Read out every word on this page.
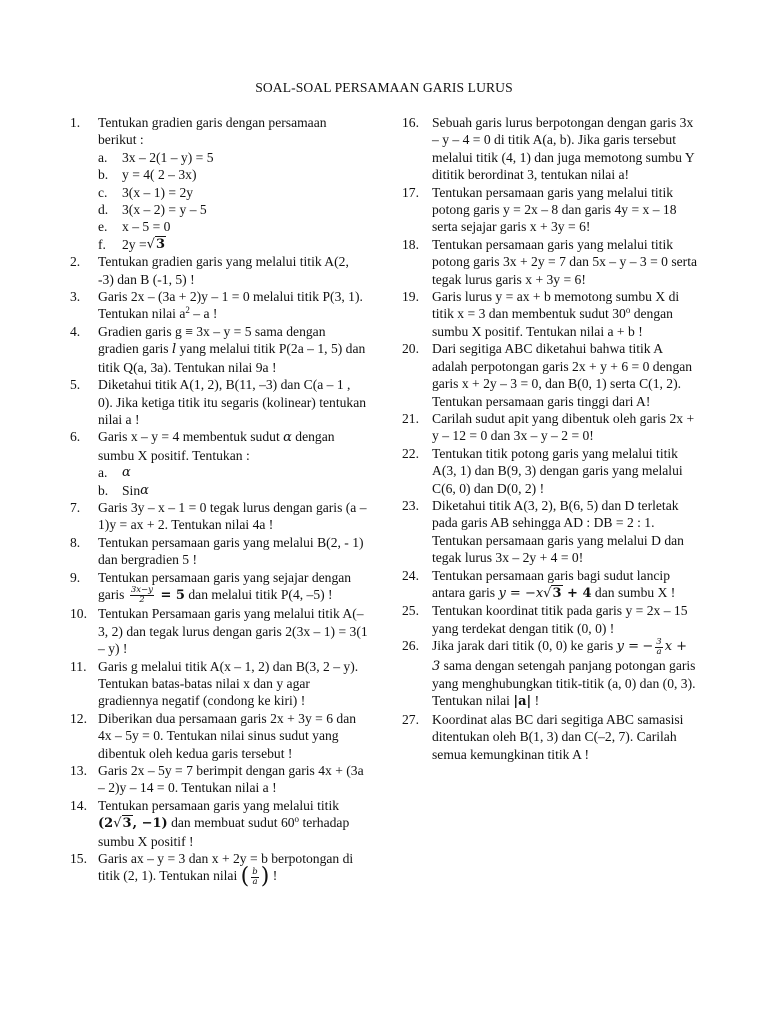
SOAL-SOAL PERSAMAAN GARIS LURUS
1.	Tentukan gradien garis dengan persamaan berikut :
a.	3x – 2(1 – y) = 5
b.	y = 4( 2 – 3x)
c.	3(x – 1) = 2y
d.	3(x – 2) = y – 5
e.	x – 5 = 0
f.	2y = √3
2.	Tentukan gradien garis yang melalui titik A(2, -3) dan B (-1, 5) !
3.	Garis 2x – (3a + 2)y – 1 = 0 melalui titik P(3, 1). Tentukan nilai $a^2$ – a !
4.	Gradien garis g ≡ 3x – y = 5 sama dengan gradien garis l yang melalui titik P(2a – 1, 5) dan titik Q(a, 3a). Tentukan nilai 9a !
5.	Diketahui titik A(1, 2), B(11, –3) dan C(a – 1 , 0). Jika ketiga titik itu segaris (kolinear) tentukan nilai a !
6.	Garis x – y = 4 membentuk sudut α dengan sumbu X positif. Tentukan :
a.	α
b.	Sin α
7.	Garis 3y – x – 1 = 0 tegak lurus dengan garis (a – 1)y = ax + 2. Tentukan nilai 4a !
8.	Tentukan persamaan garis yang melalui B(2, - 1) dan bergradien 5 !
9.	Tentukan persamaan garis yang sejajar dengan garis $\frac{3x-y}{2} = 5$ dan melalui titik P(4, –5) !
10. Tentukan Persamaan garis yang melalui titik A(–3, 2) dan tegak lurus dengan garis 2(3x – 1) = 3(1 – y) !
11. Garis g melalui titik A(x – 1, 2) dan B(3, 2 – y). Tentukan batas-batas nilai x dan y agar gradiennya negatif (condong ke kiri) !
12. Diberikan dua persamaan garis 2x + 3y = 6 dan 4x – 5y = 0. Tentukan nilai sinus sudut yang dibentuk oleh kedua garis tersebut !
13. Garis 2x – 5y = 7 berimpit dengan garis 4x + (3a – 2)y – 14 = 0. Tentukan nilai a !
14. Tentukan persamaan garis yang melalui titik (2√3, −1) dan membuat sudut 60$^o$ terhadap sumbu X positif !
15. Garis ax – y = 3 dan x + 2y = b berpotongan di titik (2, 1). Tentukan nilai ( $\frac{b}{a}$ ) !
16. Sebuah garis lurus berpotongan dengan garis 3x – y – 4 = 0 di titik A(a, b). Jika garis tersebut melalui titik (4, 1) dan juga memotong sumbu Y dititik berordinat 3, tentukan nilai a!
17. Tentukan persamaan garis yang melalui titik potong garis y = 2x – 8 dan garis 4y = x – 18 serta sejajar garis x + 3y = 6!
18. Tentukan persamaan garis yang melalui titik potong garis 3x + 2y = 7 dan 5x – y – 3 = 0 serta tegak lurus garis x + 3y = 6!
19. Garis lurus y = ax + b memotong sumbu X di titik x = 3 dan membentuk sudut 30$^o$ dengan sumbu X positif. Tentukan nilai a + b !
20. Dari segitiga ABC diketahui bahwa titik A adalah perpotongan garis 2x + y + 6 = 0 dengan garis x + 2y – 3 = 0, dan B(0, 1) serta C(1, 2). Tentukan persamaan garis tinggi dari A!
21. Carilah sudut apit yang dibentuk oleh garis 2x + y – 12 = 0 dan 3x – y – 2 = 0!
22. Tentukan titik potong garis yang melalui titik A(3, 1) dan B(9, 3) dengan garis yang melalui C(6, 0) dan D(0, 2) !
23. Diketahui titik A(3, 2), B(6, 5) dan D terletak pada garis AB sehingga AD : DB = 2 : 1. Tentukan persamaan garis yang melalui D dan tegak lurus 3x – 2y + 4 = 0!
24. Tentukan persamaan garis bagi sudut lancip antara garis y = −x√3 + 4 dan sumbu X !
25. Tentukan koordinat titik pada garis y = 2x – 15 yang terdekat dengan titik (0, 0) !
26. Jika jarak dari titik (0, 0) ke garis y = − $\frac{3}{a}$ x + 3 sama dengan setengah panjang potongan garis yang menghubungkan titik-titik (a, 0) dan (0, 3). Tentukan nilai |a| !
27. Koordinat alas BC dari segitiga ABC samasisi ditentukan oleh B(1, 3) dan C(–2, 7). Carilah semua kemungkinan titik A !
